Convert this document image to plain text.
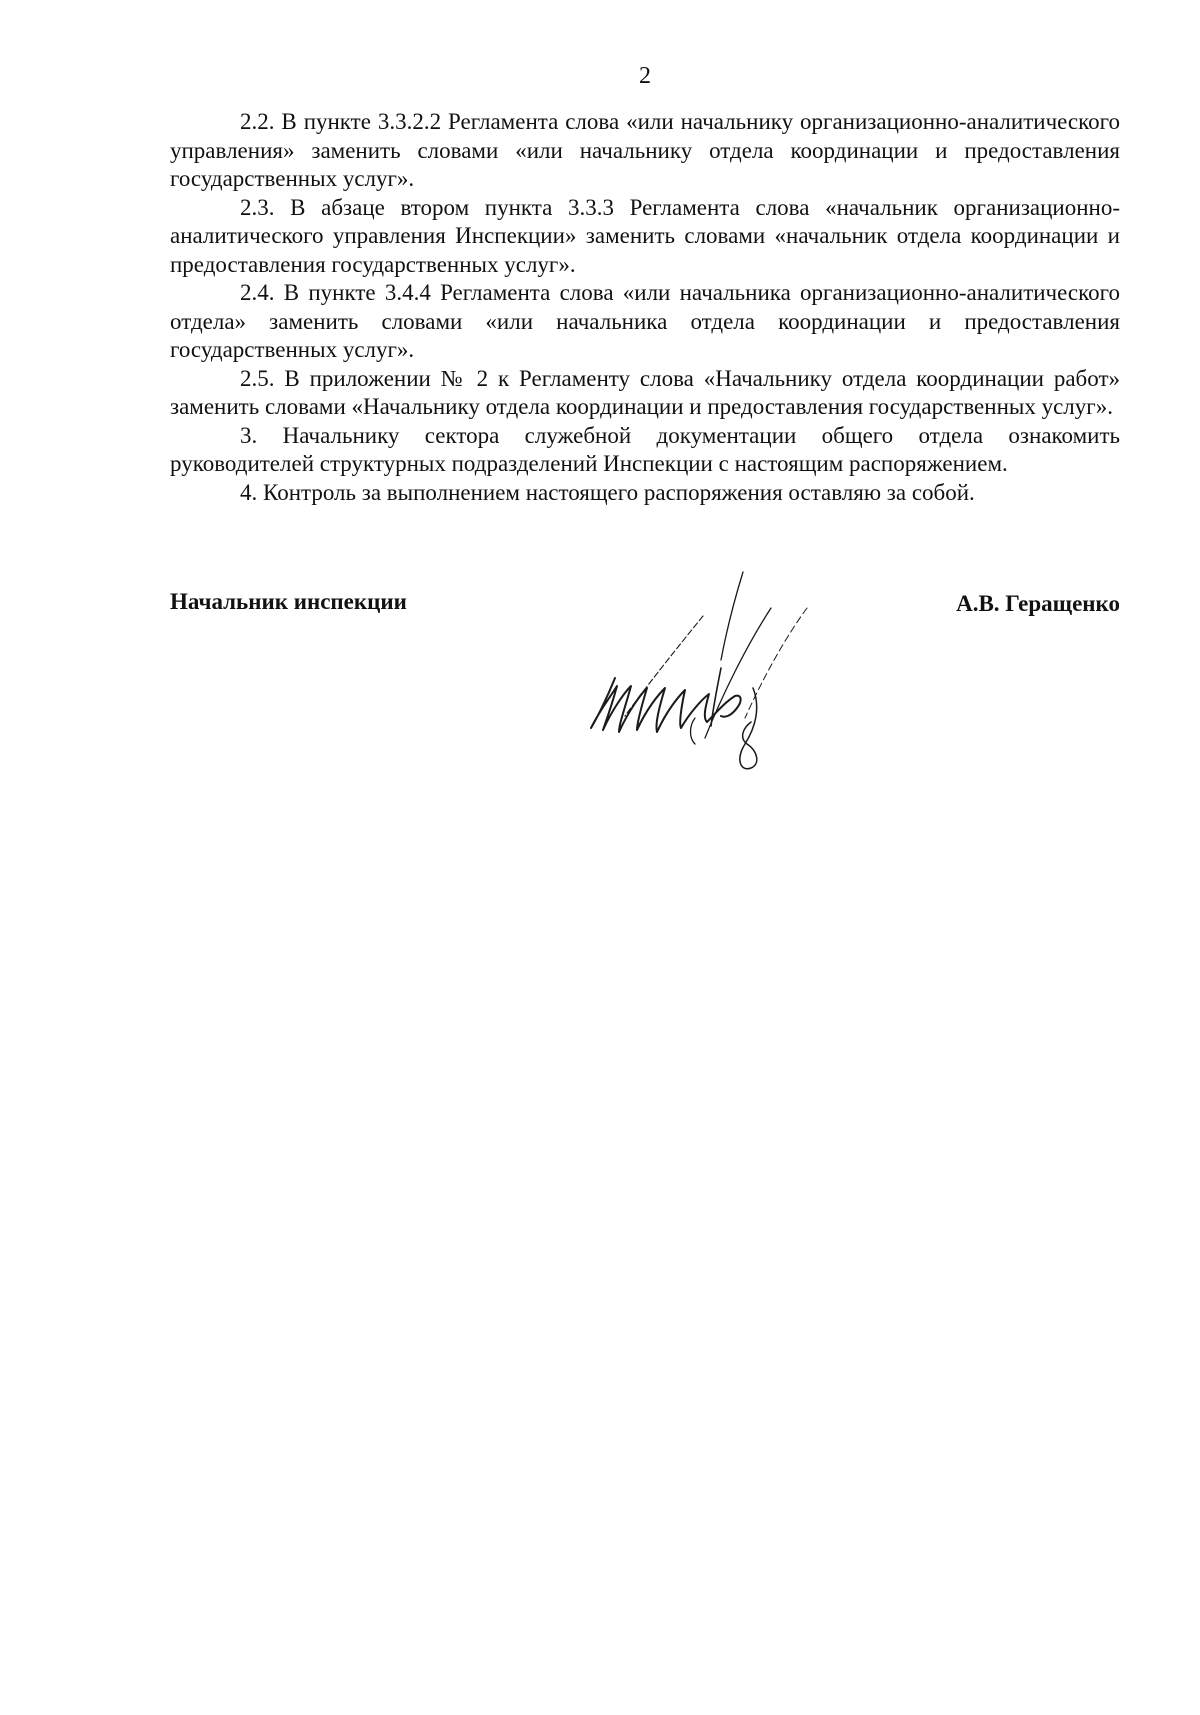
2

2.2. В пункте 3.3.2.2 Регламента слова «или начальнику организационно-аналитического управления» заменить словами «или начальнику отдела координации и предоставления государственных услуг».

2.3. В абзаце втором пункта 3.3.3 Регламента слова «начальник организационно-аналитического управления Инспекции» заменить словами «начальник отдела координации и предоставления государственных услуг».

2.4. В пункте 3.4.4 Регламента слова «или начальника организационно-аналитического отдела» заменить словами «или начальника отдела координации и предоставления государственных услуг».

2.5. В приложении № 2 к Регламенту слова «Начальнику отдела координации работ» заменить словами «Начальнику отдела координации и предоставления государственных услуг».

3. Начальнику сектора служебной документации общего отдела ознакомить руководителей структурных подразделений Инспекции с настоящим распоряжением.

4. Контроль за выполнением настоящего распоряжения оставляю за собой.

Начальник инспекции	А.В. Геращенко
